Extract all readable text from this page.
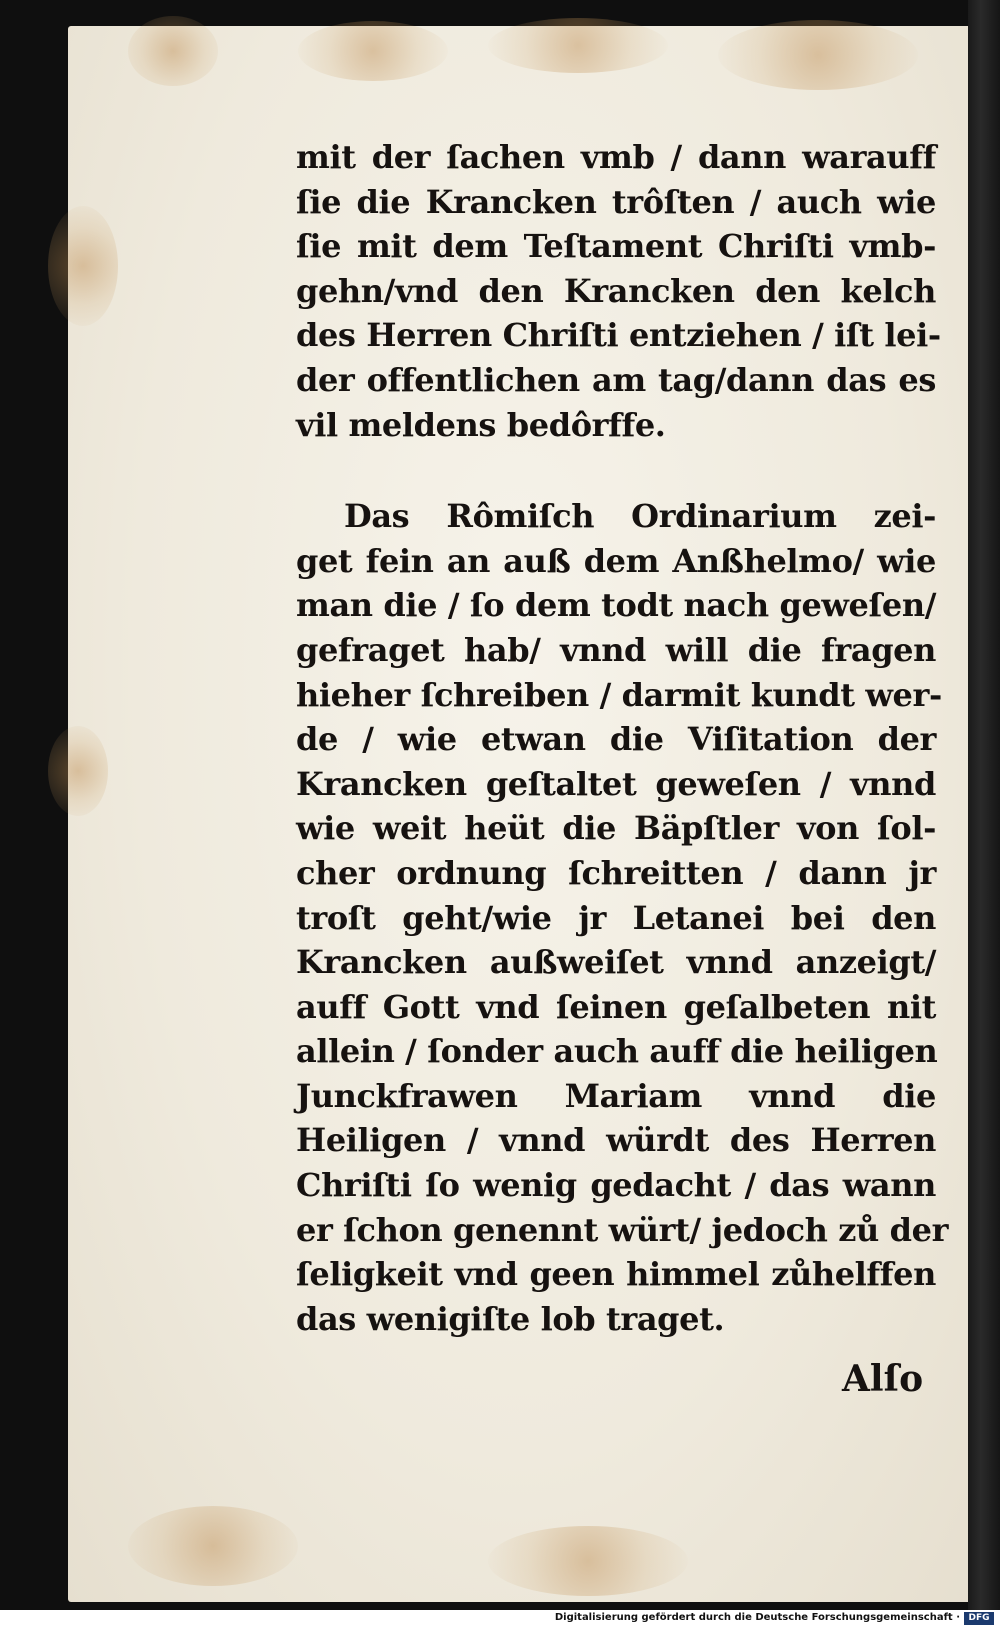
mit der ſachen vmb / dann warauff
ſie die Krancken trôſten / auch wie
ſie mit dem Teſtament Chriſti vmb-
gehn/vnd den Krancken den kelch
des Herren Chriſti entziehen / iſt lei-
der offentlichen am tag/dann das es
vil meldens bedôrffe.
Das Rômiſch Ordinarium zei-
get fein an auß dem Anßhelmo/ wie
man die / ſo dem todt nach geweſen/
gefraget hab/ vnnd will die fragen
hieher ſchreiben / darmit kundt wer-
de / wie etwan die Viſitation der
Krancken geſtaltet geweſen / vnnd
wie weit heüt die Bäpſtler von ſol-
cher ordnung ſchreitten / dann jr
troſt geht/wie jr Letanei bei den
Krancken außweiſet vnnd anzeigt/
auff Gott vnd ſeinen geſalbeten nit
allein / ſonder auch auff die heiligen
Junckfrawen Mariam vnnd die
Heiligen / vnnd würdt des Herren
Chriſti ſo wenig gedacht / das wann
er ſchon genennt würt/ jedoch zů der
ſeligkeit vnd geen himmel zůhelffen
das wenigiſte lob traget.
Alſo
Digitalisierung gefördert durch die Deutsche Forschungsgemeinschaft · DFG
